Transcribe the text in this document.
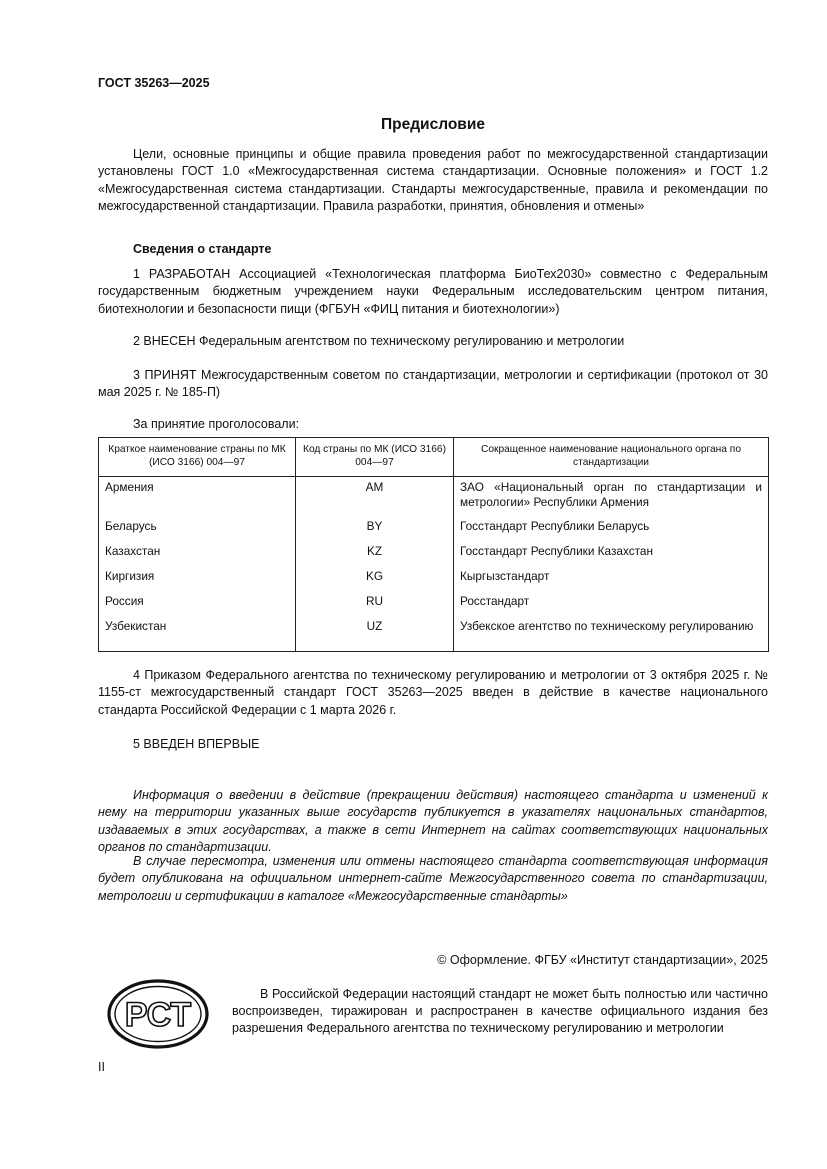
ГОСТ 35263—2025

Предисловие

Цели, основные принципы и общие правила проведения работ по межгосударственной стандартизации установлены ГОСТ 1.0 «Межгосударственная система стандартизации. Основные положения» и ГОСТ 1.2 «Межгосударственная система стандартизации. Стандарты межгосударственные, правила и рекомендации по межгосударственной стандартизации. Правила разработки, принятия, обновления и отмены»

Сведения о стандарте

1 РАЗРАБОТАН Ассоциацией «Технологическая платформа БиоТех2030» совместно с Федеральным государственным бюджетным учреждением науки Федеральным исследовательским центром питания, биотехнологии и безопасности пищи (ФГБУН «ФИЦ питания и биотехнологии»)

2 ВНЕСЕН Федеральным агентством по техническому регулированию и метрологии

3 ПРИНЯТ Межгосударственным советом по стандартизации, метрологии и сертификации (протокол от 30 мая 2025 г. № 185-П)

За принятие проголосовали:

Краткое наименование страны по МК (ИСО 3166) 004—97	Код страны по МК (ИСО 3166) 004—97	Сокращенное наименование национального органа по стандартизации
Армения	AM	ЗАО «Национальный орган по стандартизации и метрологии» Республики Армения
Беларусь	BY	Госстандарт Республики Беларусь
Казахстан	KZ	Госстандарт Республики Казахстан
Киргизия	KG	Кыргызстандарт
Россия	RU	Росстандарт
Узбекистан	UZ	Узбекское агентство по техническому регулированию

4 Приказом Федерального агентства по техническому регулированию и метрологии от 3 октября 2025 г. № 1155-ст межгосударственный стандарт ГОСТ 35263—2025 введен в действие в качестве национального стандарта Российской Федерации с 1 марта 2026 г.

5 ВВЕДЕН ВПЕРВЫЕ

Информация о введении в действие (прекращении действия) настоящего стандарта и изменений к нему на территории указанных выше государств публикуется в указателях национальных стандартов, издаваемых в этих государствах, а также в сети Интернет на сайтах соответствующих национальных органов по стандартизации.

В случае пересмотра, изменения или отмены настоящего стандарта соответствующая информация будет опубликована на официальном интернет-сайте Межгосударственного совета по стандартизации, метрологии и сертификации в каталоге «Межгосударственные стандарты»

© Оформление. ФГБУ «Институт стандартизации», 2025

РСТ

В Российской Федерации настоящий стандарт не может быть полностью или частично воспроизведен, тиражирован и распространен в качестве официального издания без разрешения Федерального агентства по техническому регулированию и метрологии

II
